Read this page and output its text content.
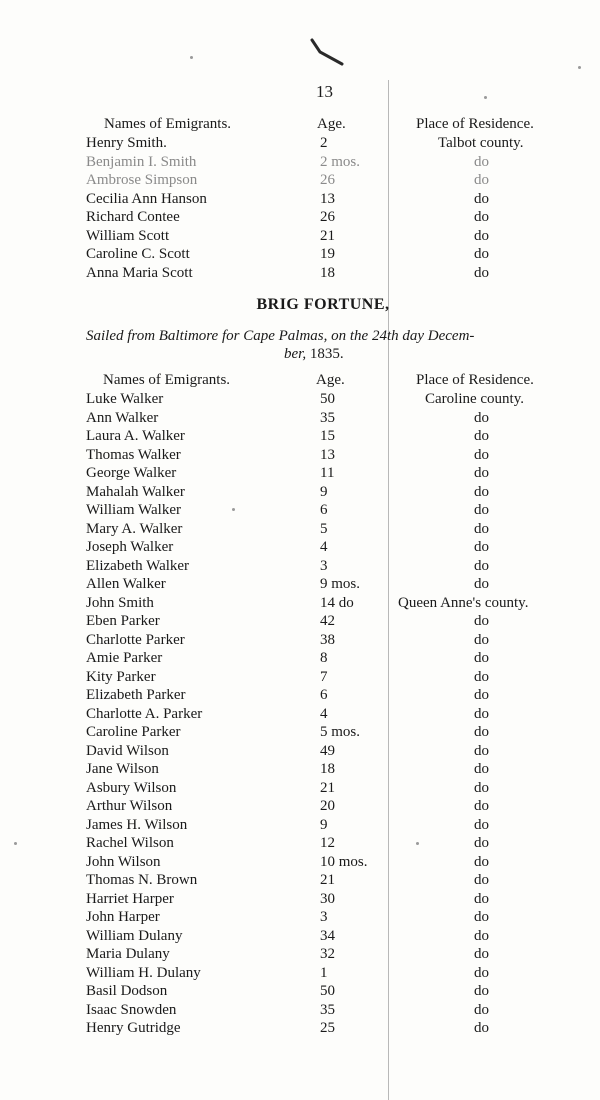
13
Names of Emigrants.	Age.	Place of Residence.
Henry Smith.	2	Talbot county.
Benjamin I. Smith	2 mos.	do
Ambrose Simpson	26	do
Cecilia Ann Hanson	13	do
Richard Contee	26	do
William Scott	21	do
Caroline C. Scott	19	do
Anna Maria Scott	18	do
BRIG FORTUNE,
Sailed from Baltimore for Cape Palmas, on the 24th day Decem-
ber, 1835.
Names of Emigrants.	Age.	Place of Residence.
Luke Walker	50	Caroline county.
Ann Walker	35	do
Laura A. Walker	15	do
Thomas Walker	13	do
George Walker	11	do
Mahalah Walker	9	do
William Walker	6	do
Mary A. Walker	5	do
Joseph Walker	4	do
Elizabeth Walker	3	do
Allen Walker	9 mos.	do
John Smith	14 do	Queen Anne's county.
Eben Parker	42	do
Charlotte Parker	38	do
Amie Parker	8	do
Kity Parker	7	do
Elizabeth Parker	6	do
Charlotte A. Parker	4	do
Caroline Parker	5 mos.	do
David Wilson	49	do
Jane Wilson	18	do
Asbury Wilson	21	do
Arthur Wilson	20	do
James H. Wilson	9	do
Rachel Wilson	12	do
John Wilson	10 mos.	do
Thomas N. Brown	21	do
Harriet Harper	30	do
John Harper	3	do
William Dulany	34	do
Maria Dulany	32	do
William H. Dulany	1	do
Basil Dodson	50	do
Isaac Snowden	35	do
Henry Gutridge	25	do
